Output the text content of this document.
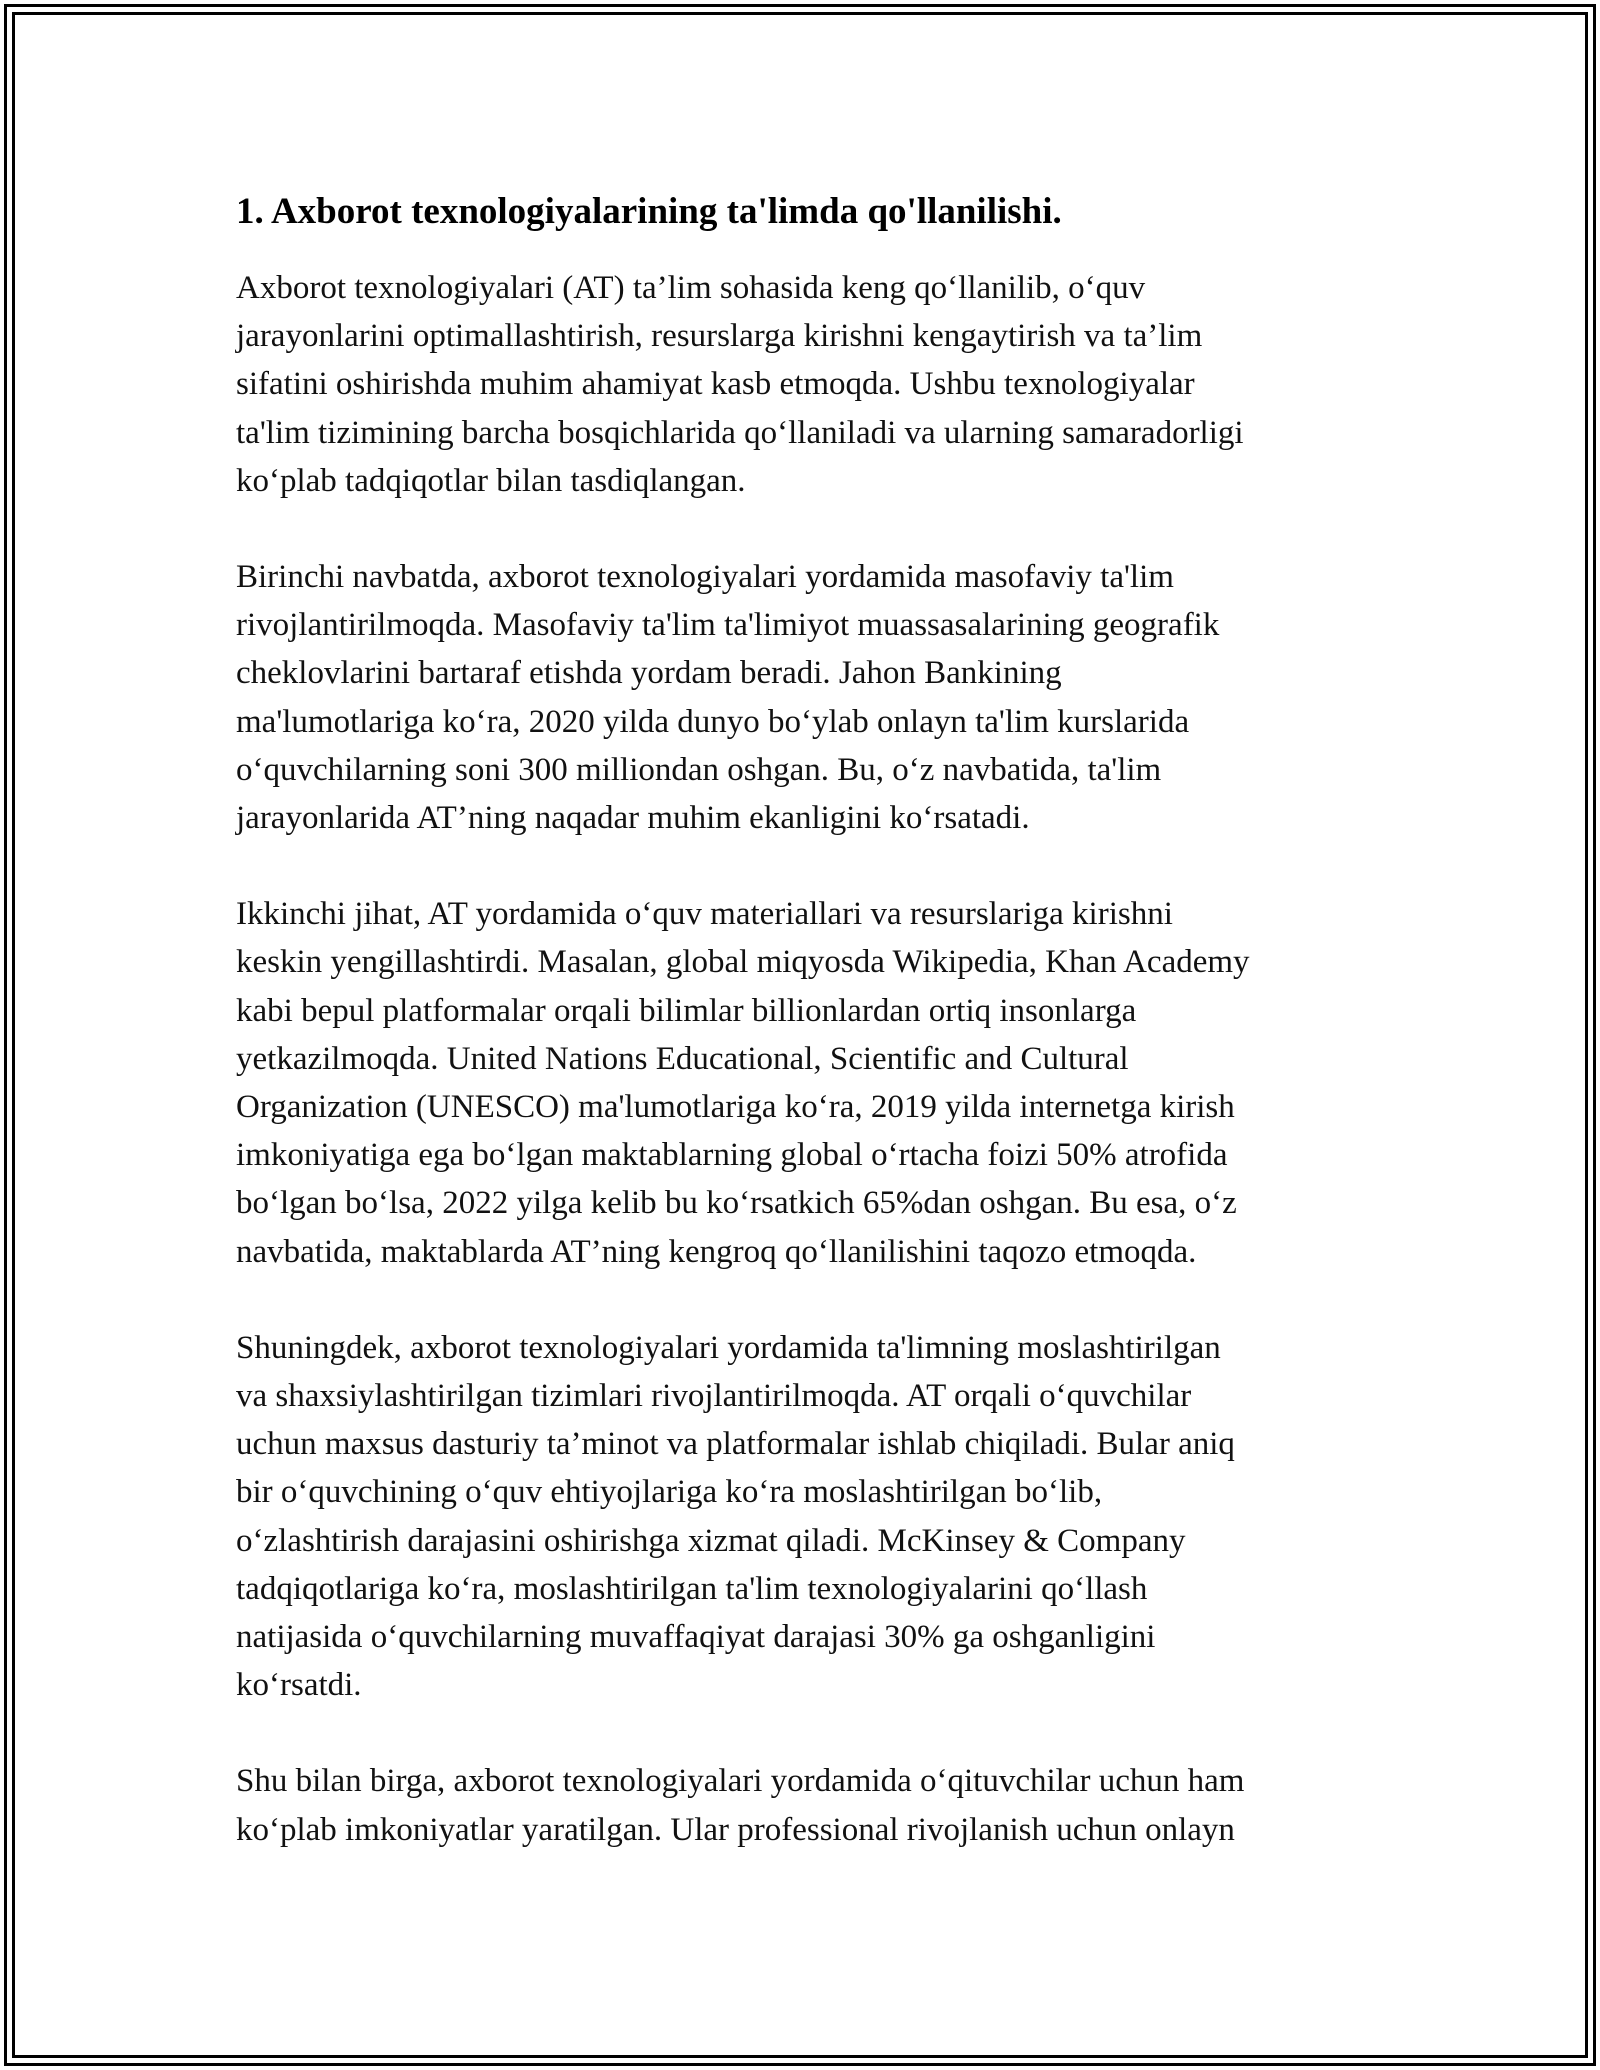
1. Axborot texnologiyalarining ta'limda qo'llanilishi.

Axborot texnologiyalari (AT) ta’lim sohasida keng qo‘llanilib, o‘quv
jarayonlarini optimallashtirish, resurslarga kirishni kengaytirish va ta’lim
sifatini oshirishda muhim ahamiyat kasb etmoqda. Ushbu texnologiyalar
ta'lim tizimining barcha bosqichlarida qo‘llaniladi va ularning samaradorligi
ko‘plab tadqiqotlar bilan tasdiqlangan.

Birinchi navbatda, axborot texnologiyalari yordamida masofaviy ta'lim
rivojlantirilmoqda. Masofaviy ta'lim ta'limiyot muassasalarining geografik
cheklovlarini bartaraf etishda yordam beradi. Jahon Bankining
ma'lumotlariga ko‘ra, 2020 yilda dunyo bo‘ylab onlayn ta'lim kurslarida
o‘quvchilarning soni 300 milliondan oshgan. Bu, o‘z navbatida, ta'lim
jarayonlarida AT’ning naqadar muhim ekanligini ko‘rsatadi.

Ikkinchi jihat, AT yordamida o‘quv materiallari va resurslariga kirishni
keskin yengillashtirdi. Masalan, global miqyosda Wikipedia, Khan Academy
kabi bepul platformalar orqali bilimlar billionlardan ortiq insonlarga
yetkazilmoqda. United Nations Educational, Scientific and Cultural
Organization (UNESCO) ma'lumotlariga ko‘ra, 2019 yilda internetga kirish
imkoniyatiga ega bo‘lgan maktablarning global o‘rtacha foizi 50% atrofida
bo‘lgan bo‘lsa, 2022 yilga kelib bu ko‘rsatkich 65%dan oshgan. Bu esa, o‘z
navbatida, maktablarda AT’ning kengroq qo‘llanilishini taqozo etmoqda.

Shuningdek, axborot texnologiyalari yordamida ta'limning moslashtirilgan
va shaxsiylashtirilgan tizimlari rivojlantirilmoqda. AT orqali o‘quvchilar
uchun maxsus dasturiy ta’minot va platformalar ishlab chiqiladi. Bular aniq
bir o‘quvchining o‘quv ehtiyojlariga ko‘ra moslashtirilgan bo‘lib,
o‘zlashtirish darajasini oshirishga xizmat qiladi. McKinsey & Company
tadqiqotlariga ko‘ra, moslashtirilgan ta'lim texnologiyalarini qo‘llash
natijasida o‘quvchilarning muvaffaqiyat darajasi 30% ga oshganligini
ko‘rsatdi.

Shu bilan birga, axborot texnologiyalari yordamida o‘qituvchilar uchun ham
ko‘plab imkoniyatlar yaratilgan. Ular professional rivojlanish uchun onlayn
